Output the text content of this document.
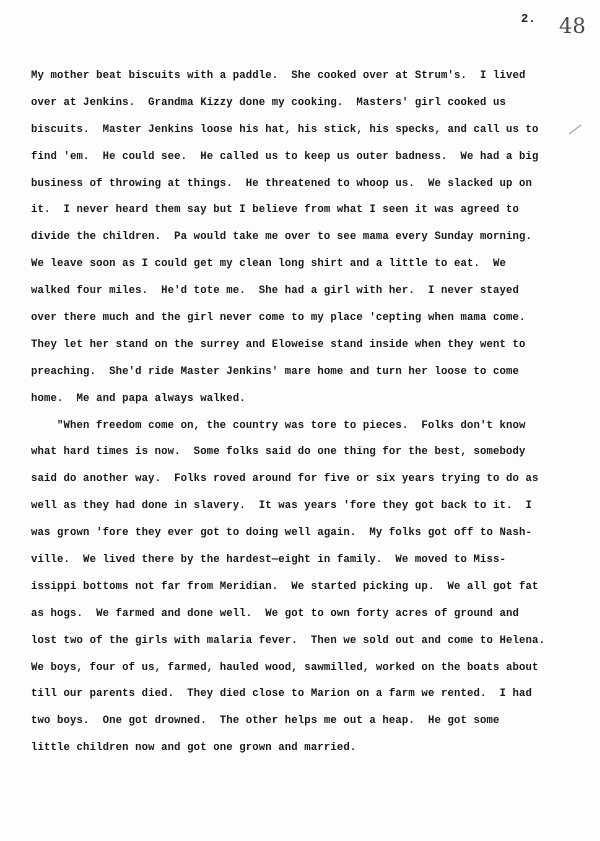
2. 48
My mother beat biscuits with a paddle.  She cooked over at Strum's.  I lived
over at Jenkins.  Grandma Kizzy done my cooking.  Masters' girl cooked us
biscuits.  Master Jenkins loose his hat, his stick, his specks, and call us to
find 'em.  He could see.  He called us to keep us outer badness.  We had a big
business of throwing at things.  He threatened to whoop us.  We slacked up on
it.  I never heard them say but I believe from what I seen it was agreed to
divide the children.  Pa would take me over to see mama every Sunday morning.
We leave soon as I could get my clean long shirt and a little to eat.  We
walked four miles.  He'd tote me.  She had a girl with her.  I never stayed
over there much and the girl never come to my place 'cepting when mama come.
They let her stand on the surrey and Eloweise stand inside when they went to
preaching.  She'd ride Master Jenkins' mare home and turn her loose to come
home.  Me and papa always walked.
"When freedom come on, the country was tore to pieces.  Folks don't know
what hard times is now.  Some folks said do one thing for the best, somebody
said do another way.  Folks roved around for five or six years trying to do as
well as they had done in slavery.  It was years 'fore they got back to it.  I
was grown 'fore they ever got to doing well again.  My folks got off to Nash-
ville.  We lived there by the hardest—eight in family.  We moved to Miss-
issippi bottoms not far from Meridian.  We started picking up.  We all got fat
as hogs.  We farmed and done well.  We got to own forty acres of ground and
lost two of the girls with malaria fever.  Then we sold out and come to Helena.
We boys, four of us, farmed, hauled wood, sawmilled, worked on the boats about
till our parents died.  They died close to Marion on a farm we rented.  I had
two boys.  One got drowned.  The other helps me out a heap.  He got some
little children now and got one grown and married.
